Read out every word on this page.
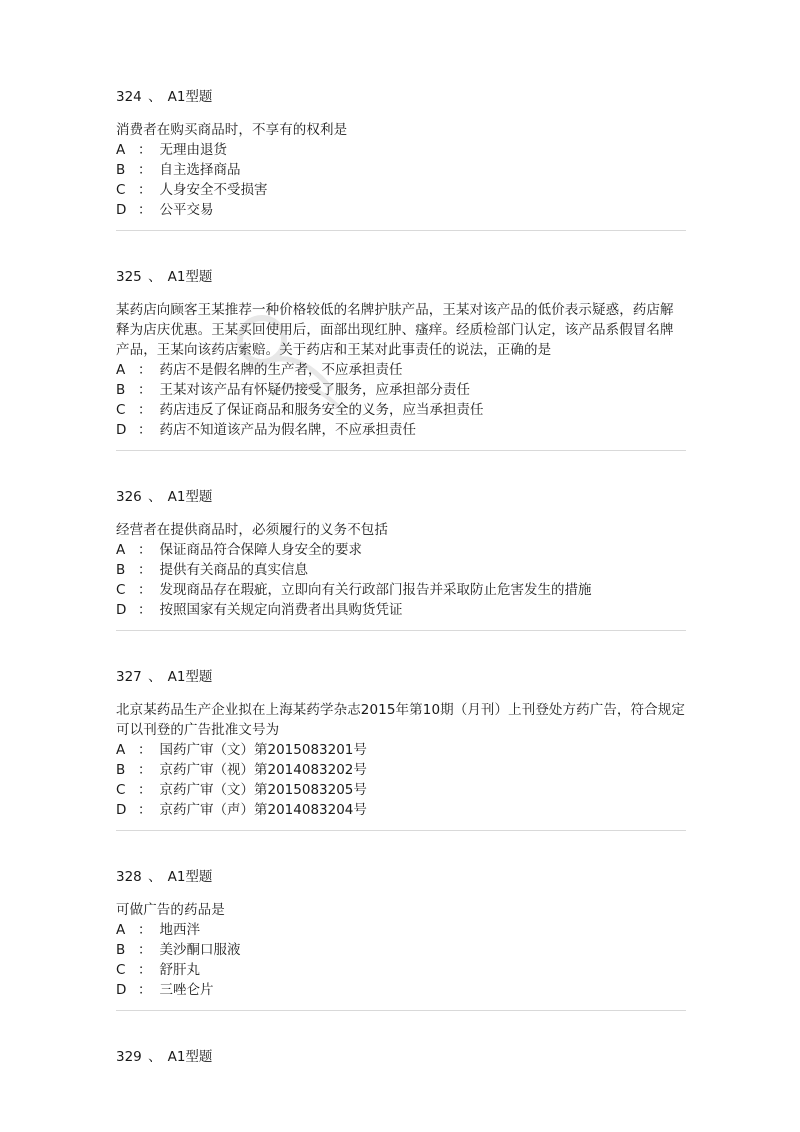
324 、 A1型题
消费者在购买商品时，不享有的权利是
A ： 无理由退货
B ： 自主选择商品
C ： 人身安全不受损害
D ： 公平交易
325 、 A1型题
某药店向顾客王某推荐一种价格较低的名牌护肤产品，王某对该产品的低价表示疑惑，药店解释为店庆优惠。王某买回使用后，面部出现红肿、瘙痒。经质检部门认定，该产品系假冒名牌产品，王某向该药店索赔。关于药店和王某对此事责任的说法，正确的是
A ： 药店不是假名牌的生产者，不应承担责任
B ： 王某对该产品有怀疑仍接受了服务，应承担部分责任
C ： 药店违反了保证商品和服务安全的义务，应当承担责任
D ： 药店不知道该产品为假名牌，不应承担责任
326 、 A1型题
经营者在提供商品时，必须履行的义务不包括
A ： 保证商品符合保障人身安全的要求
B ： 提供有关商品的真实信息
C ： 发现商品存在瑕疵，立即向有关行政部门报告并采取防止危害发生的措施
D ： 按照国家有关规定向消费者出具购货凭证
327 、 A1型题
北京某药品生产企业拟在上海某药学杂志2015年第10期（月刊）上刊登处方药广告，符合规定可以刊登的广告批准文号为
A ： 国药广审（文）第2015083201号
B ： 京药广审（视）第2014083202号
C ： 京药广审（文）第2015083205号
D ： 京药广审（声）第2014083204号
328 、 A1型题
可做广告的药品是
A ： 地西泮
B ： 美沙酮口服液
C ： 舒肝丸
D ： 三唑仑片
329 、 A1型题
